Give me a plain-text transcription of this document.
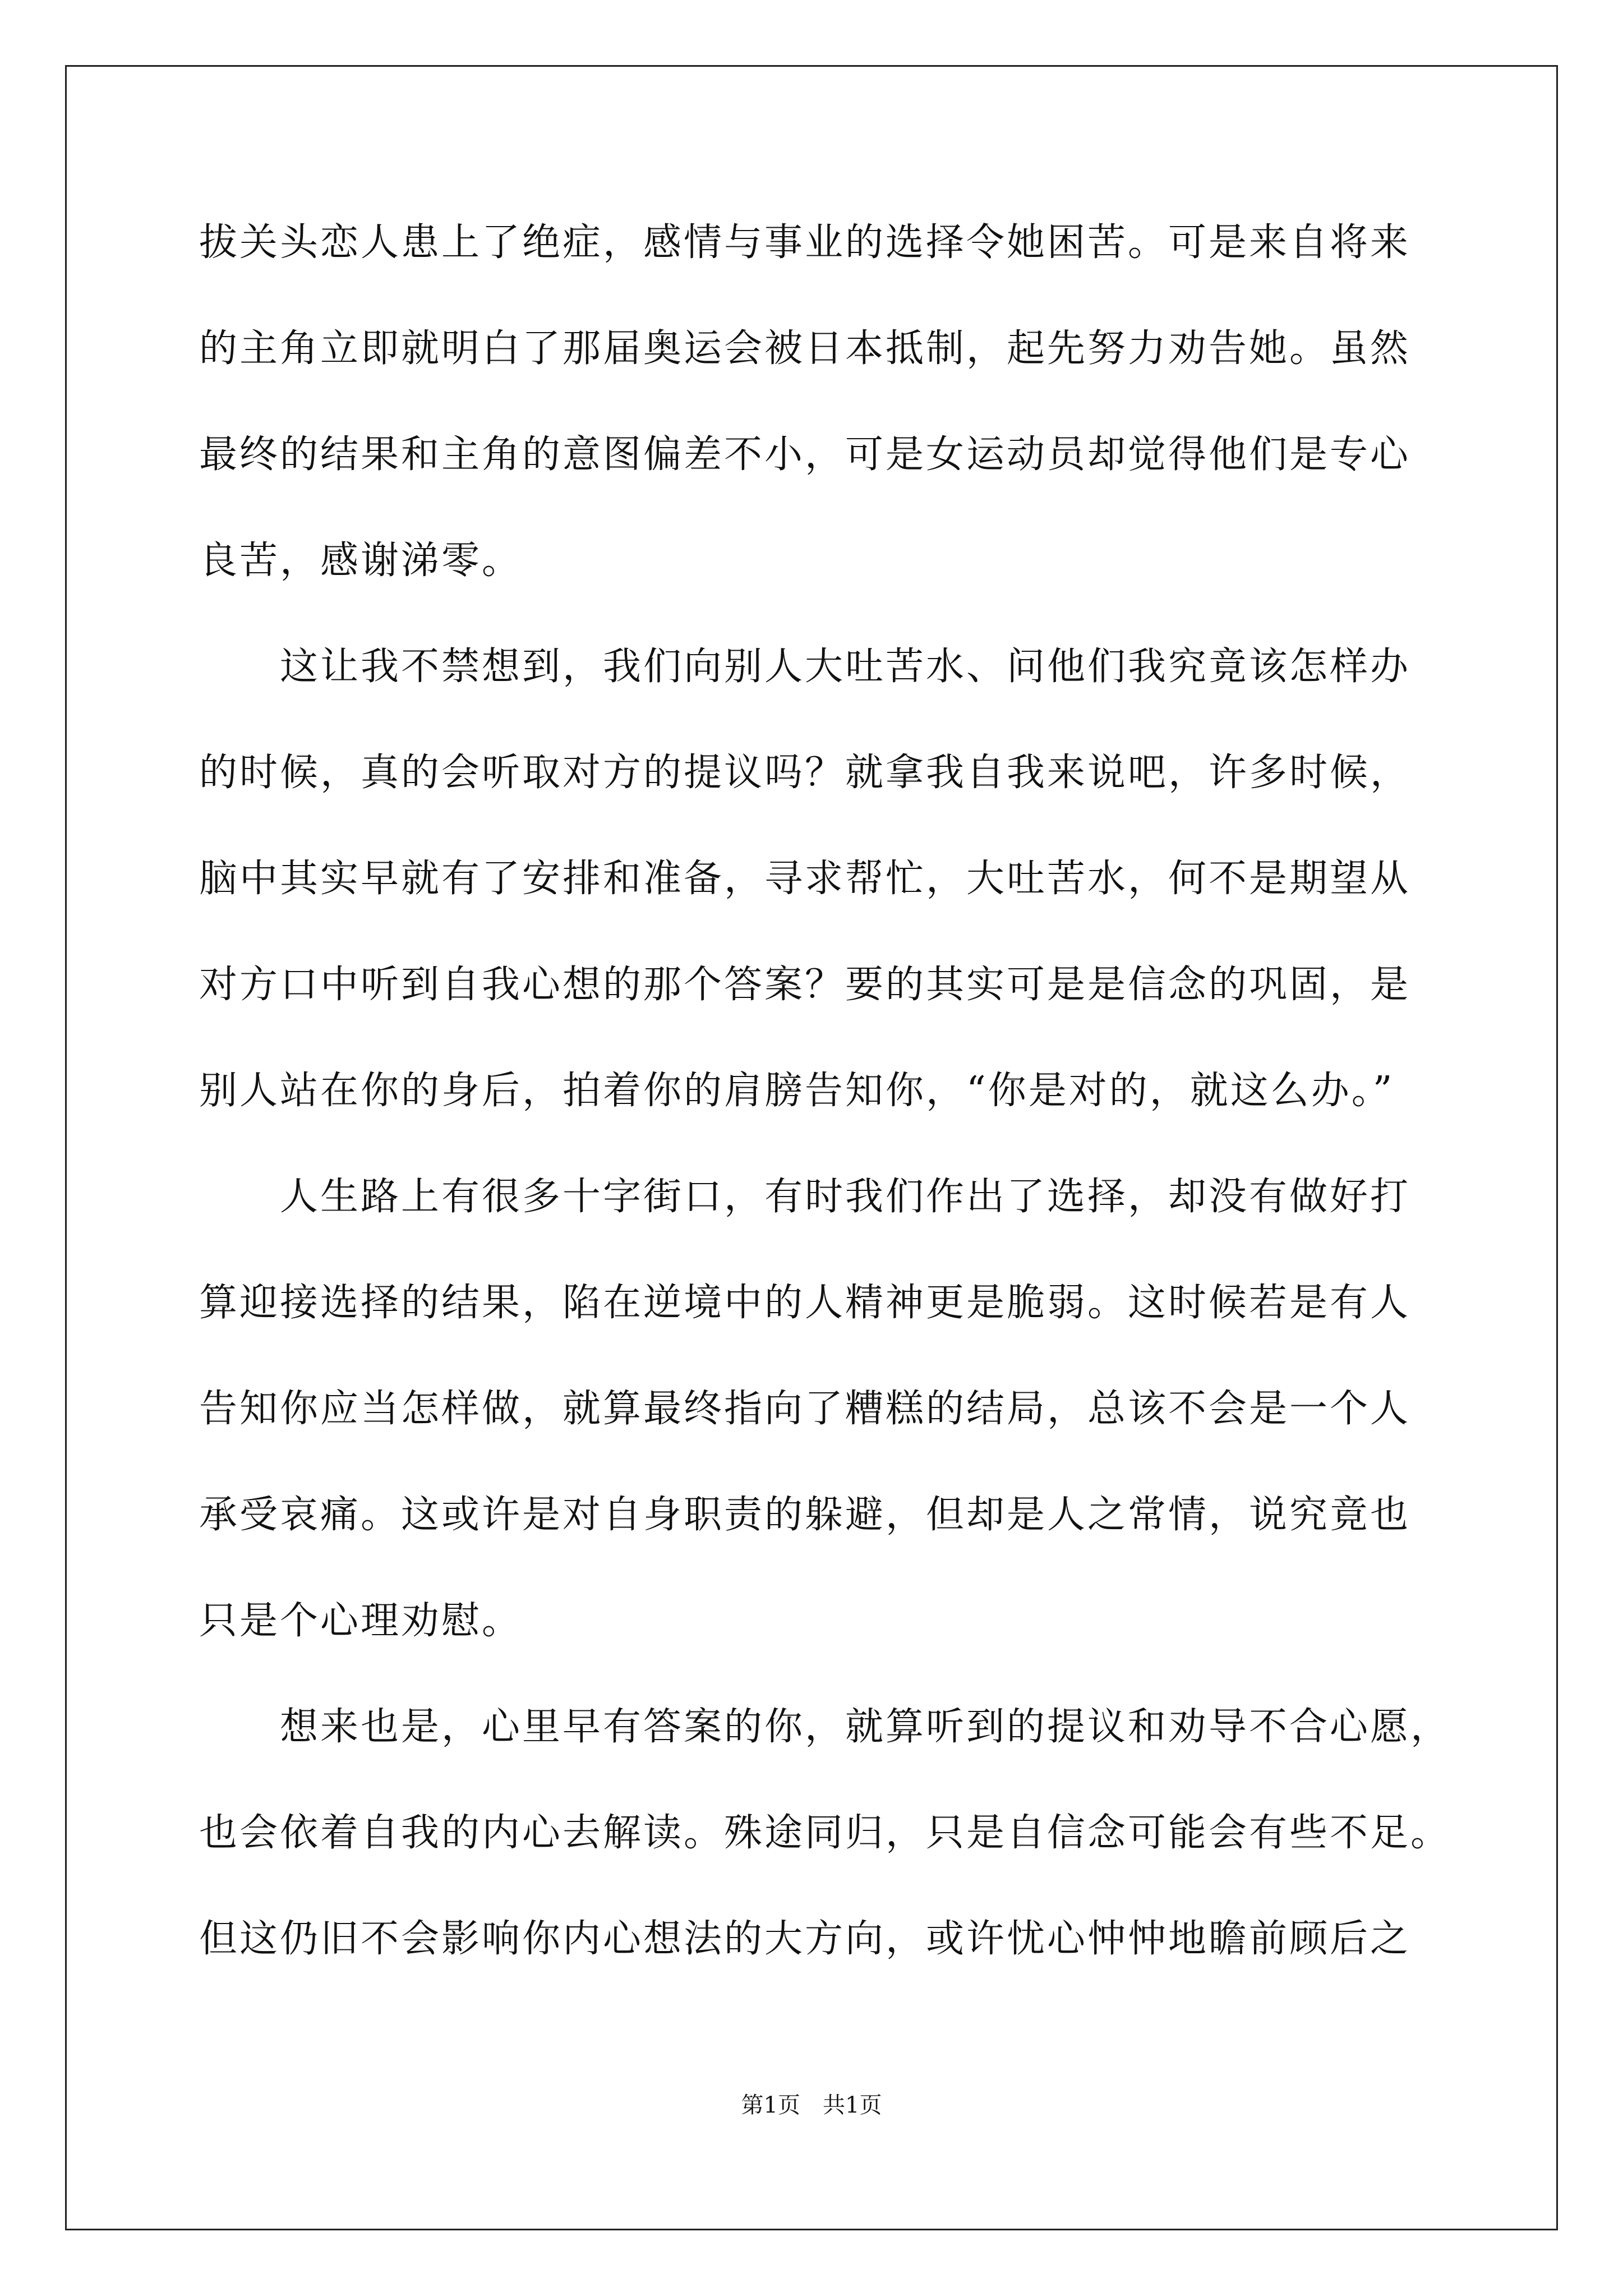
拔关头恋人患上了绝症，感情与事业的选择令她困苦。可是来自将来
的主角立即就明白了那届奥运会被日本抵制，起先努力劝告她。虽然
最终的结果和主角的意图偏差不小，可是女运动员却觉得他们是专心
良苦，感谢涕零。
　　这让我不禁想到，我们向别人大吐苦水、问他们我究竟该怎样办
的时候，真的会听取对方的提议吗？就拿我自我来说吧，许多时候，
脑中其实早就有了安排和准备，寻求帮忙，大吐苦水，何不是期望从
对方口中听到自我心想的那个答案？要的其实可是是信念的巩固，是
别人站在你的身后，拍着你的肩膀告知你，“你是对的，就这么办。”
　　人生路上有很多十字街口，有时我们作出了选择，却没有做好打
算迎接选择的结果，陷在逆境中的人精神更是脆弱。这时候若是有人
告知你应当怎样做，就算最终指向了糟糕的结局，总该不会是一个人
承受哀痛。这或许是对自身职责的躲避，但却是人之常情，说究竟也
只是个心理劝慰。
　　想来也是，心里早有答案的你，就算听到的提议和劝导不合心愿，
也会依着自我的内心去解读。殊途同归，只是自信念可能会有些不足。
但这仍旧不会影响你内心想法的大方向，或许忧心忡忡地瞻前顾后之
第1页 共1页
